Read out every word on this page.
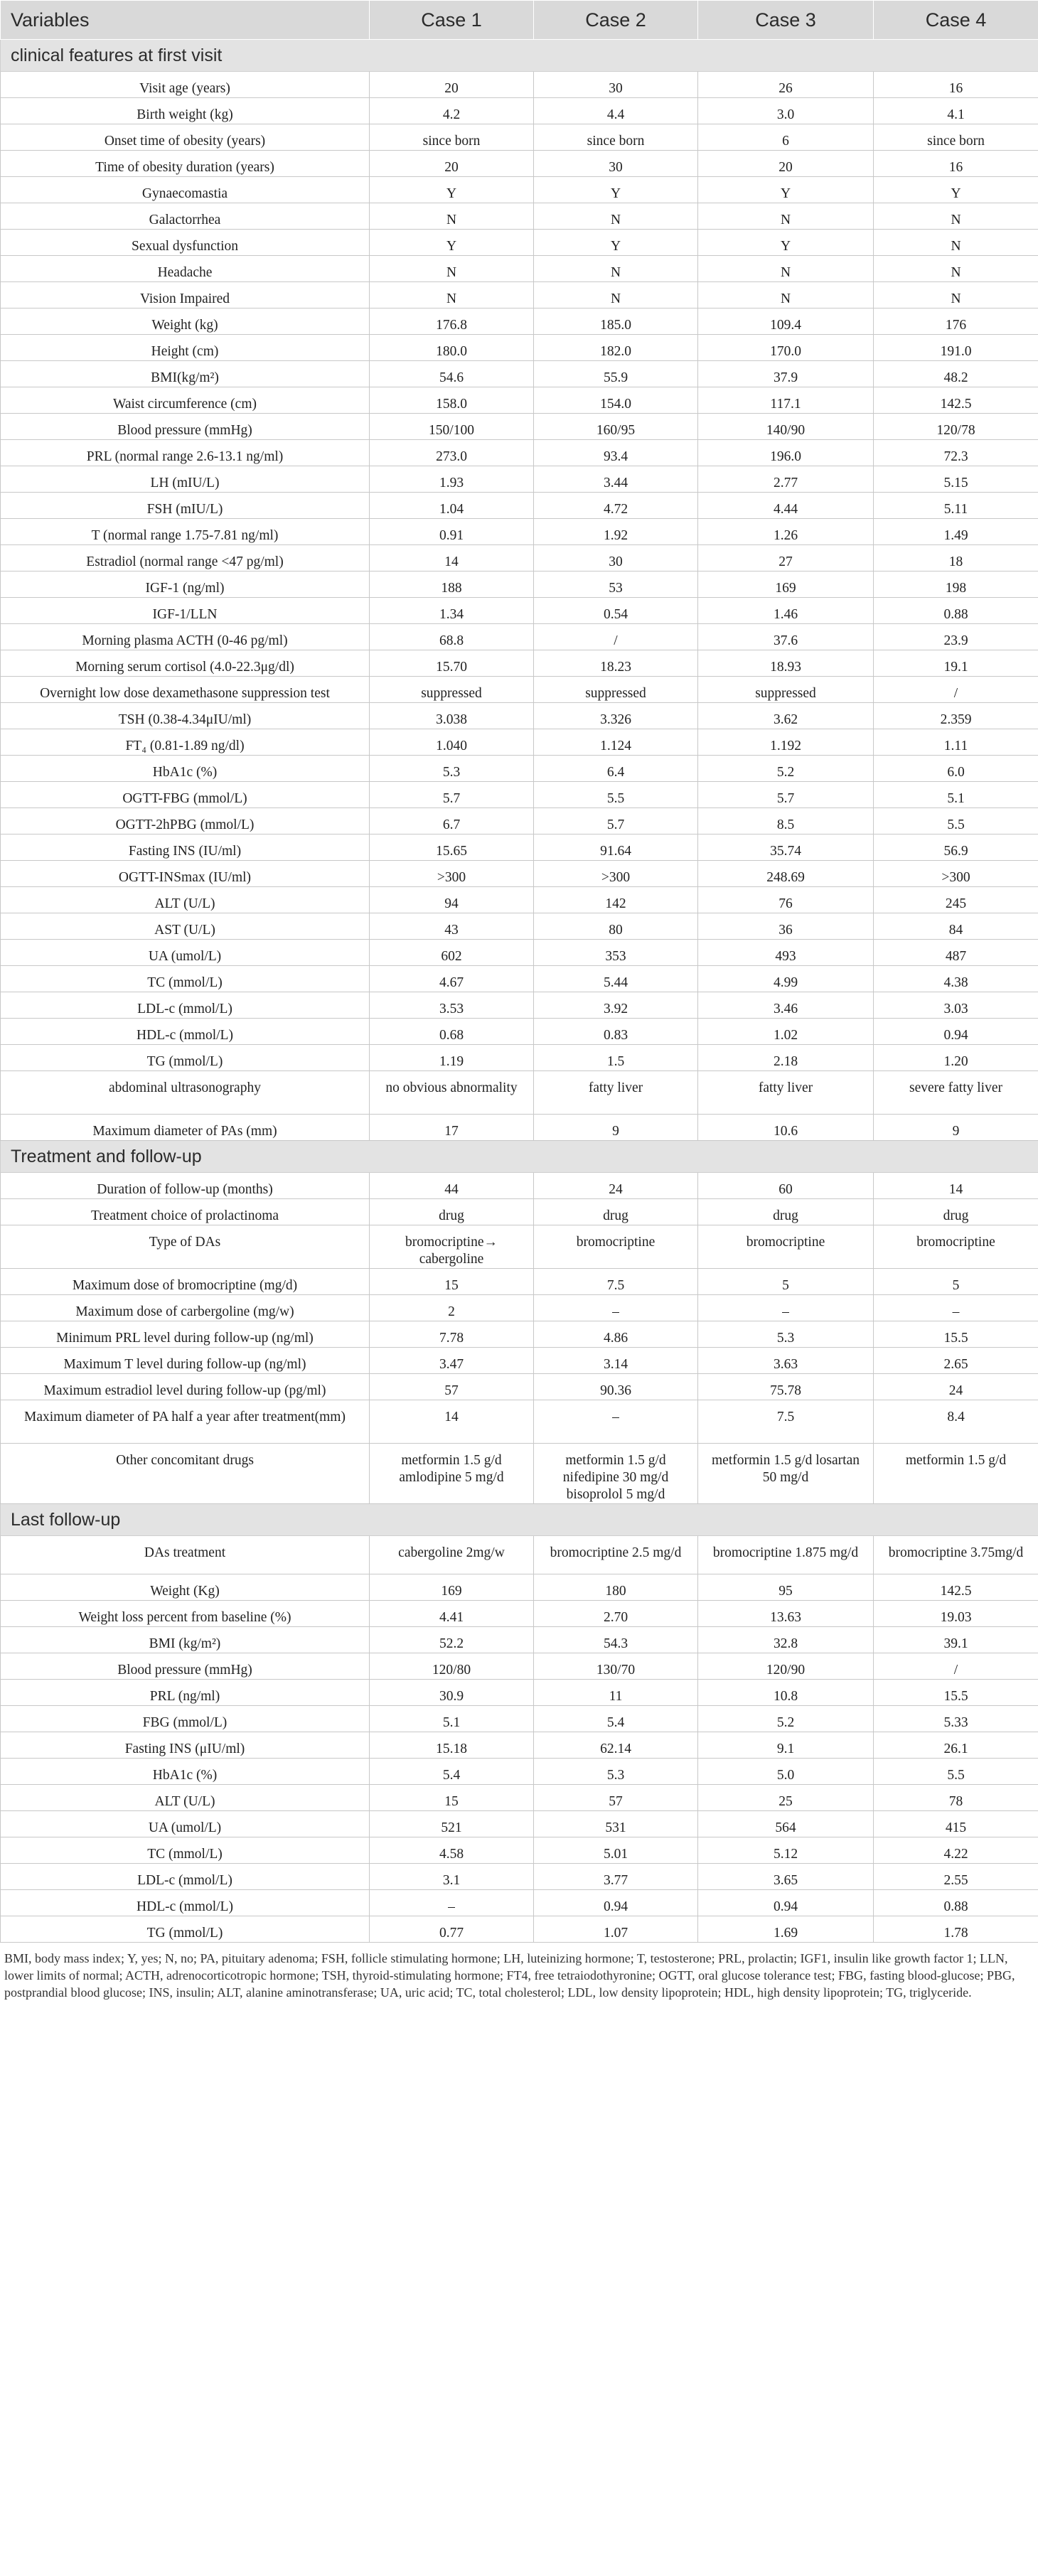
Variables	Case 1	Case 2	Case 3	Case 4
clinical features at first visit				
Visit age (years)	20	30	26	16
Birth weight (kg)	4.2	4.4	3.0	4.1
Onset time of obesity (years)	since born	since born	6	since born
Time of obesity duration (years)	20	30	20	16
Gynaecomastia	Y	Y	Y	Y
Galactorrhea	N	N	N	N
Sexual dysfunction	Y	Y	Y	N
Headache	N	N	N	N
Vision Impaired	N	N	N	N
Weight (kg)	176.8	185.0	109.4	176
Height (cm)	180.0	182.0	170.0	191.0
BMI(kg/m²)	54.6	55.9	37.9	48.2
Waist circumference (cm)	158.0	154.0	117.1	142.5
Blood pressure (mmHg)	150/100	160/95	140/90	120/78
PRL (normal range 2.6-13.1 ng/ml)	273.0	93.4	196.0	72.3
LH (mIU/L)	1.93	3.44	2.77	5.15
FSH (mIU/L)	1.04	4.72	4.44	5.11
T (normal range 1.75-7.81 ng/ml)	0.91	1.92	1.26	1.49
Estradiol (normal range <47 pg/ml)	14	30	27	18
IGF-1 (ng/ml)	188	53	169	198
IGF-1/LLN	1.34	0.54	1.46	0.88
Morning plasma ACTH (0-46 pg/ml)	68.8	/	37.6	23.9
Morning serum cortisol (4.0-22.3μg/dl)	15.70	18.23	18.93	19.1
Overnight low dose dexamethasone suppression test	suppressed	suppressed	suppressed	/
TSH (0.38-4.34μIU/ml)	3.038	3.326	3.62	2.359
FT₄ (0.81-1.89 ng/dl)	1.040	1.124	1.192	1.11
HbA1c (%)	5.3	6.4	5.2	6.0
OGTT-FBG (mmol/L)	5.7	5.5	5.7	5.1
OGTT-2hPBG (mmol/L)	6.7	5.7	8.5	5.5
Fasting INS (IU/ml)	15.65	91.64	35.74	56.9
OGTT-INSmax (IU/ml)	>300	>300	248.69	>300
ALT (U/L)	94	142	76	245
AST (U/L)	43	80	36	84
UA (umol/L)	602	353	493	487
TC (mmol/L)	4.67	5.44	4.99	4.38
LDL-c (mmol/L)	3.53	3.92	3.46	3.03
HDL-c (mmol/L)	0.68	0.83	1.02	0.94
TG (mmol/L)	1.19	1.5	2.18	1.20
abdominal ultrasonography	no obvious abnormality	fatty liver	fatty liver	severe fatty liver
Maximum diameter of PAs (mm)	17	9	10.6	9
Treatment and follow-up				
Duration of follow-up (months)	44	24	60	14
Treatment choice of prolactinoma	drug	drug	drug	drug
Type of DAs	bromocriptine→ cabergoline	bromocriptine	bromocriptine	bromocriptine
Maximum dose of bromocriptine (mg/d)	15	7.5	5	5
Maximum dose of carbergoline (mg/w)	2	–	–	–
Minimum PRL level during follow-up (ng/ml)	7.78	4.86	5.3	15.5
Maximum T level during follow-up (ng/ml)	3.47	3.14	3.63	2.65
Maximum estradiol level during follow-up (pg/ml)	57	90.36	75.78	24
Maximum diameter of PA half a year after treatment(mm)	14	–	7.5	8.4
Other concomitant drugs	metformin 1.5 g/d amlodipine 5 mg/d	metformin 1.5 g/d nifedipine 30 mg/d bisoprolol 5 mg/d	metformin 1.5 g/d losartan 50 mg/d	metformin 1.5 g/d
Last follow-up				
DAs treatment	cabergoline 2mg/w	bromocriptine 2.5 mg/d	bromocriptine 1.875 mg/d	bromocriptine 3.75mg/d
Weight (Kg)	169	180	95	142.5
Weight loss percent from baseline (%)	4.41	2.70	13.63	19.03
BMI (kg/m²)	52.2	54.3	32.8	39.1
Blood pressure (mmHg)	120/80	130/70	120/90	/
PRL (ng/ml)	30.9	11	10.8	15.5
FBG (mmol/L)	5.1	5.4	5.2	5.33
Fasting INS (μIU/ml)	15.18	62.14	9.1	26.1
HbA1c (%)	5.4	5.3	5.0	5.5
ALT (U/L)	15	57	25	78
UA (umol/L)	521	531	564	415
TC (mmol/L)	4.58	5.01	5.12	4.22
LDL-c (mmol/L)	3.1	3.77	3.65	2.55
HDL-c (mmol/L)	–	0.94	0.94	0.88
TG (mmol/L)	0.77	1.07	1.69	1.78

BMI, body mass index; Y, yes; N, no; PA, pituitary adenoma; FSH, follicle stimulating hormone; LH, luteinizing hormone; T, testosterone; PRL, prolactin; IGF1, insulin like growth factor 1; LLN, lower limits of normal; ACTH, adrenocorticotropic hormone; TSH, thyroid-stimulating hormone; FT4, free tetraiodothyronine; OGTT, oral glucose tolerance test; FBG, fasting blood-glucose; PBG, postprandial blood glucose; INS, insulin; ALT, alanine aminotransferase; UA, uric acid; TC, total cholesterol; LDL, low density lipoprotein; HDL, high density lipoprotein; TG, triglyceride.
